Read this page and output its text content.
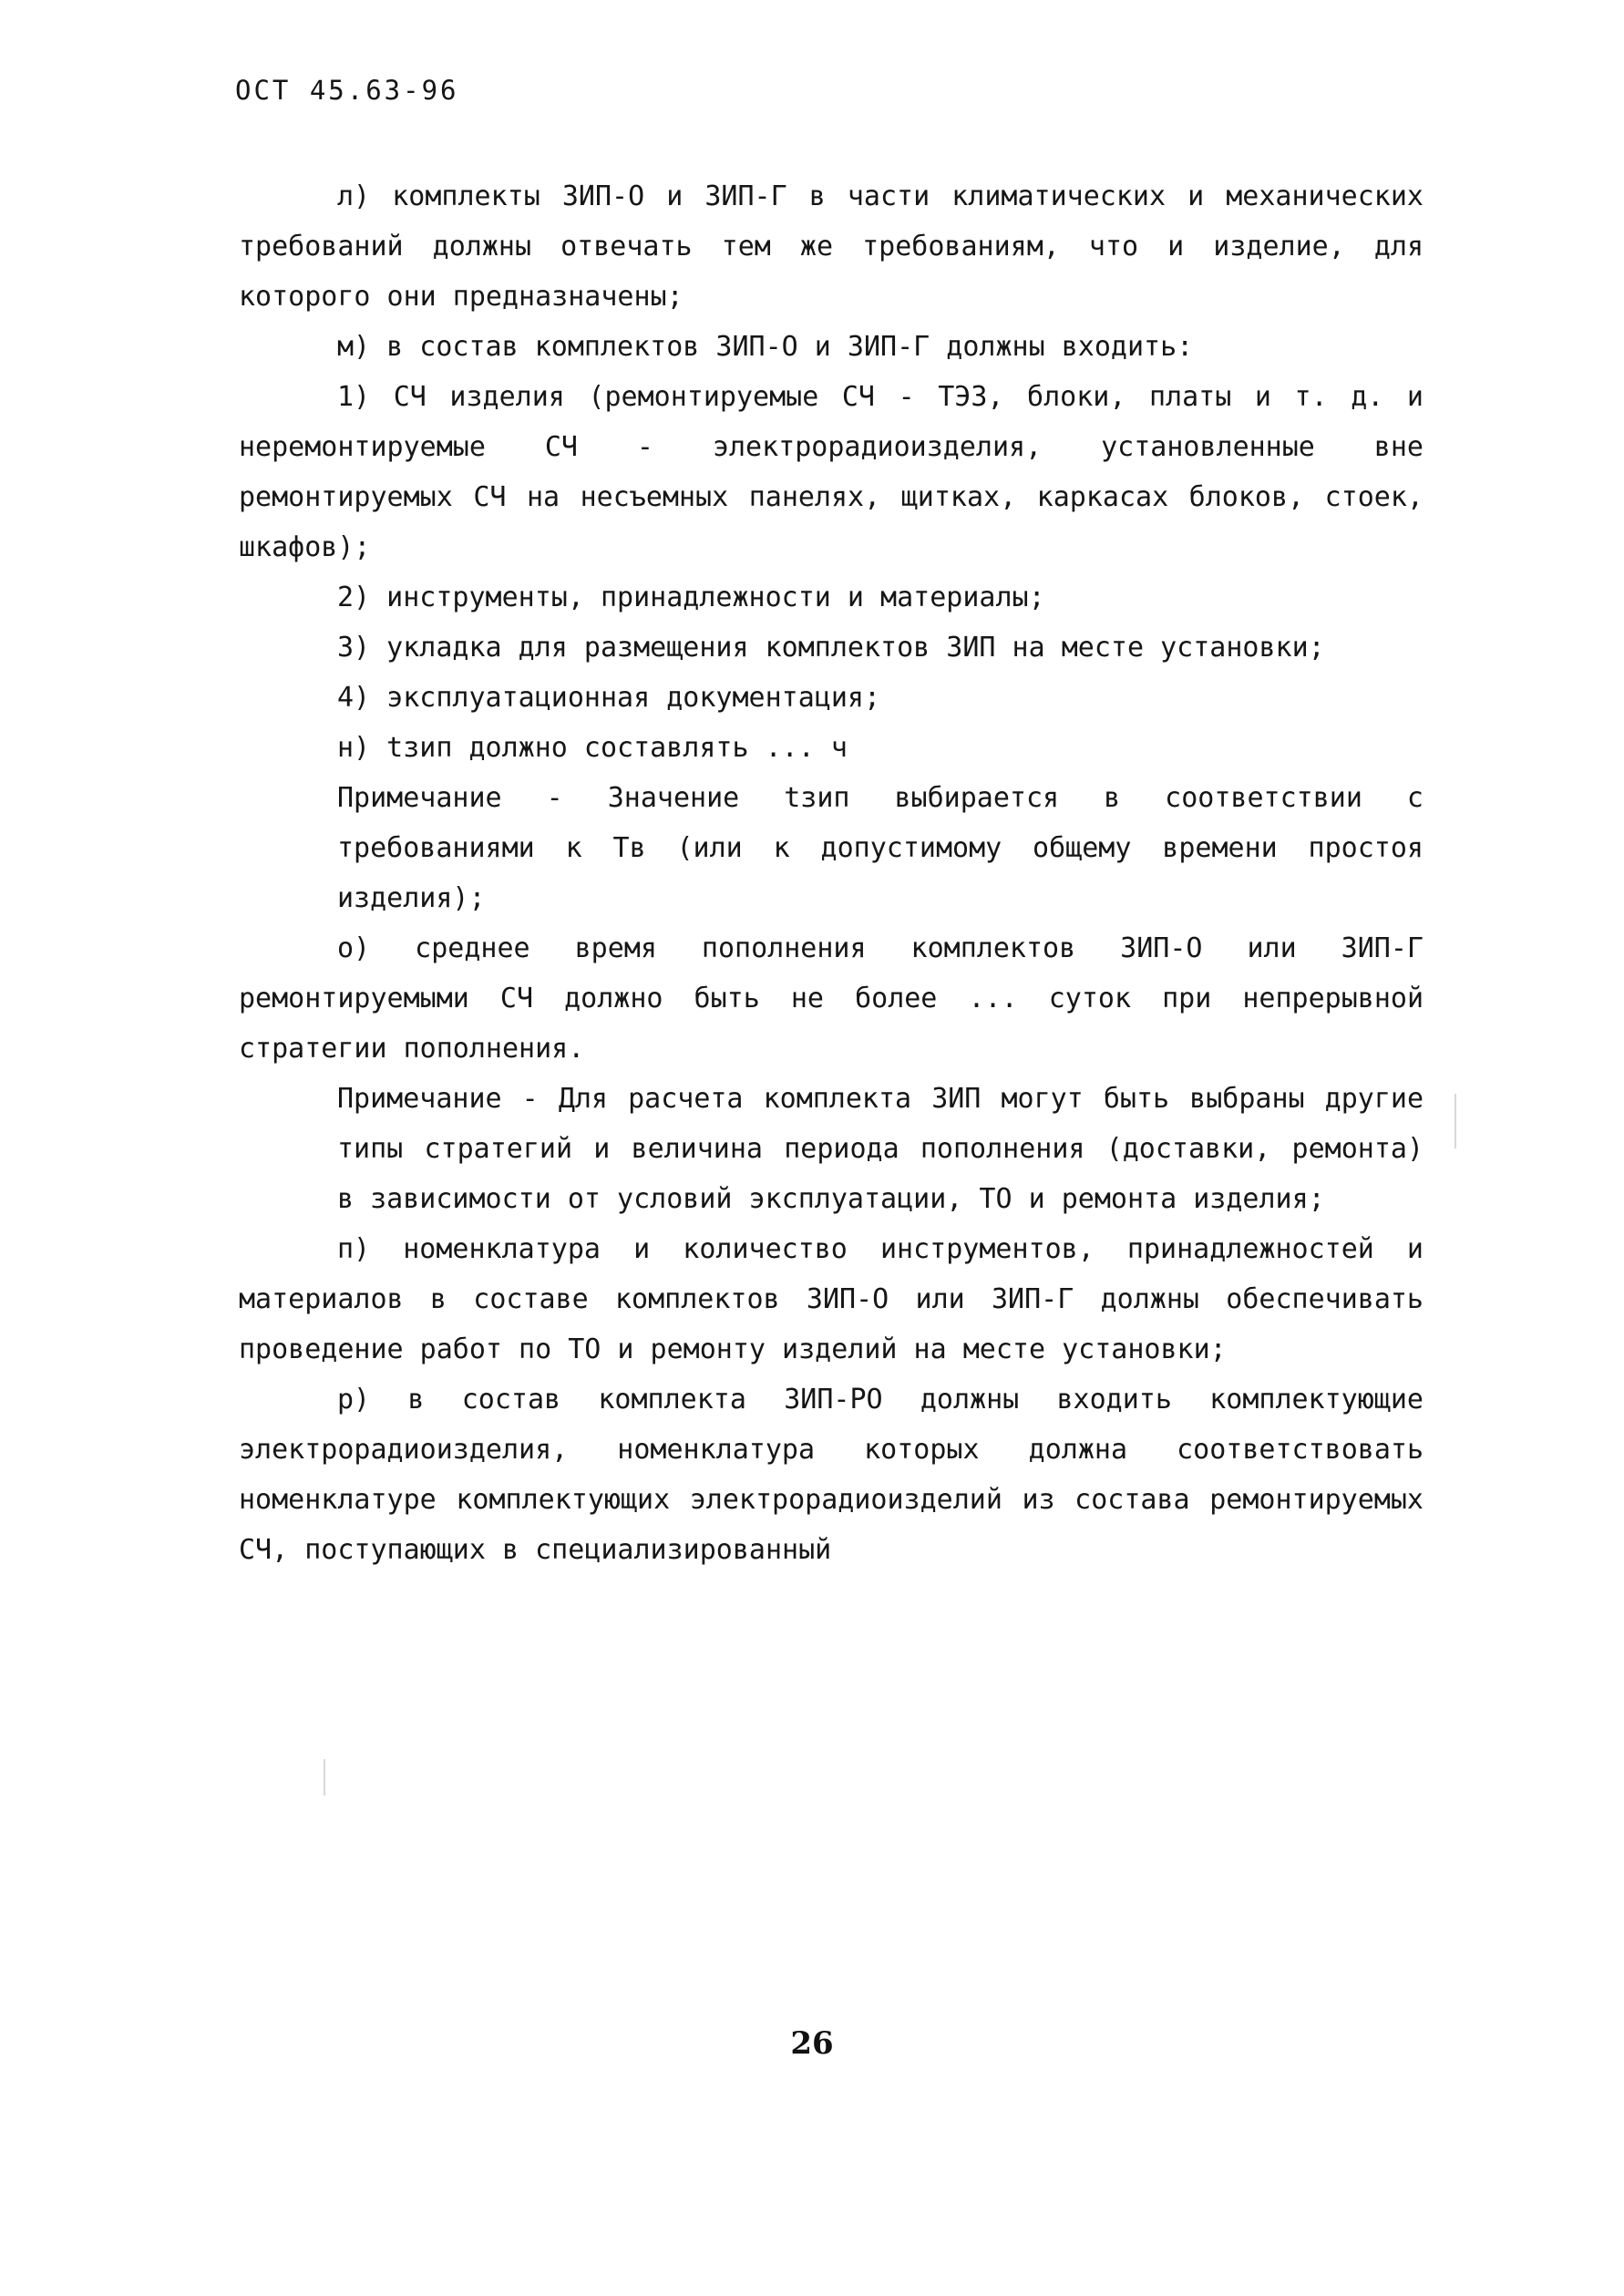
ОСТ 45.63-96

л) комплекты ЗИП-О и ЗИП-Г в части климатических и механических требований должны отвечать тем же требованиям, что и изделие, для которого они предназначены;

м) в состав комплектов ЗИП-О и ЗИП-Г должны входить:

1) СЧ изделия (ремонтируемые СЧ - ТЭЗ, блоки, платы и т. д. и неремонтируемые СЧ - электрорадиоизделия, установленные вне ремонтируемых СЧ на несъемных панелях, щитках, каркасах блоков, стоек, шкафов);

2) инструменты, принадлежности и материалы;

3) укладка для размещения комплектов ЗИП на месте установки;

4) эксплуатационная документация;

н) tзип должно составлять ... ч

Примечание - Значение tзип выбирается в соответствии с требованиями к Тв (или к допустимому общему времени простоя изделия);

о) среднее время пополнения комплектов ЗИП-О или ЗИП-Г ремонтируемыми СЧ должно быть не более ... суток при непрерывной стратегии пополнения.

Примечание - Для расчета комплекта ЗИП могут быть выбраны другие типы стратегий и величина периода пополнения (доставки, ремонта) в зависимости от условий эксплуатации, ТО и ремонта изделия;

п) номенклатура и количество инструментов, принадлежностей и материалов в составе комплектов ЗИП-О или ЗИП-Г должны обеспечивать проведение работ по ТО и ремонту изделий на месте установки;

р) в состав комплекта ЗИП-РО должны входить комплектующие электрорадиоизделия, номенклатура которых должна соответствовать номенклатуре комплектующих электрорадиоизделий из состава ремонтируемых СЧ, поступающих в специализированный

26
